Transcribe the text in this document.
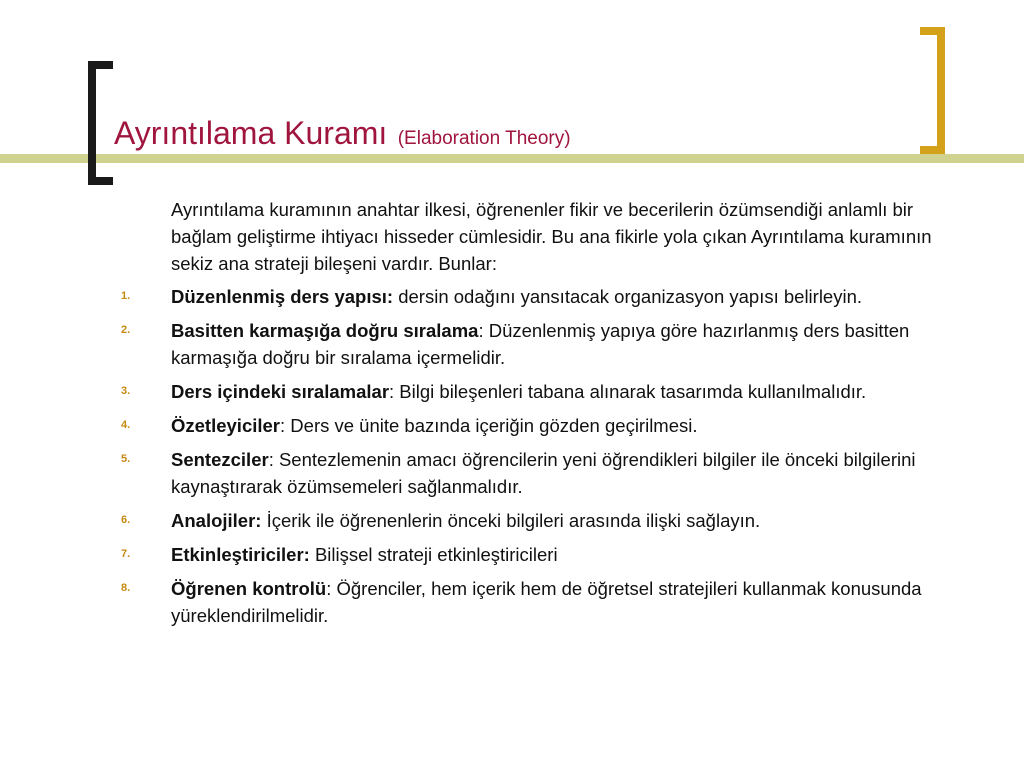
Ayrıntılama Kuramı (Elaboration Theory)
Ayrıntılama kuramının anahtar ilkesi, öğrenenler fikir ve becerilerin özümsendiği anlamlı bir bağlam geliştirme ihtiyacı hisseder cümlesidir. Bu ana fikirle yola çıkan Ayrıntılama kuramının sekiz ana strateji bileşeni vardır. Bunlar:
1. Düzenlenmiş ders yapısı: dersin odağını yansıtacak organizasyon yapısı belirleyin.
2. Basitten karmaşığa doğru sıralama: Düzenlenmiş yapıya göre hazırlanmış ders basitten karmaşığa doğru bir sıralama içermelidir.
3. Ders içindeki sıralamalar: Bilgi bileşenleri tabana alınarak tasarımda kullanılmalıdır.
4. Özetleyiciler: Ders ve ünite bazında içeriğin gözden geçirilmesi.
5. Sentezciler: Sentezlemenin amacı öğrencilerin yeni öğrendikleri bilgiler ile önceki bilgilerini kaynaştırarak özümsemeleri sağlanmalıdır.
6. Analojiler: İçerik ile öğrenenlerin önceki bilgileri arasında ilişki sağlayın.
7. Etkinleştiriciler: Bilişsel strateji etkinleştiricileri
8. Öğrenen kontrolü: Öğrenciler, hem içerik hem de öğretsel stratejileri kullanmak konusunda yüreklendirilmelidir.
